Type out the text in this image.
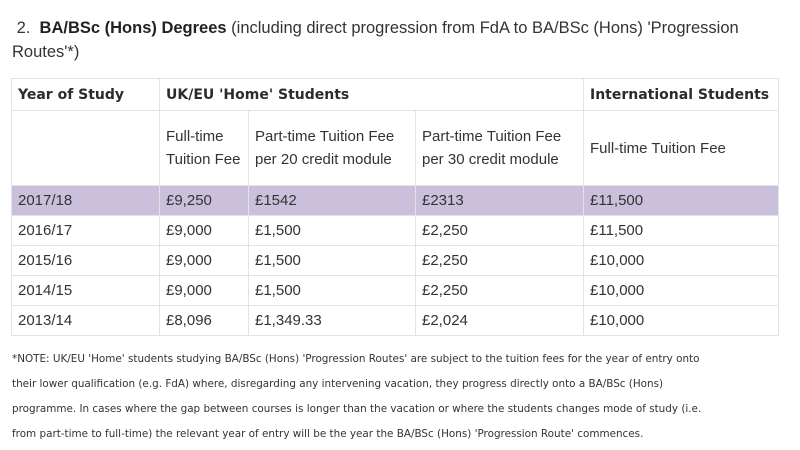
2. BA/BSc (Hons) Degrees (including direct progression from FdA to BA/BSc (Hons) 'Progression Routes'*)
Year of Study	UK/EU 'Home' Students			International Students
	Full-time Tuition Fee	Part-time Tuition Fee per 20 credit module	Part-time Tuition Fee per 30 credit module	Full-time Tuition Fee
2017/18	£9,250	£1542	£2313	£11,500
2016/17	£9,000	£1,500	£2,250	£11,500
2015/16	£9,000	£1,500	£2,250	£10,000
2014/15	£9,000	£1,500	£2,250	£10,000
2013/14	£8,096	£1,349.33	£2,024	£10,000
*NOTE: UK/EU 'Home' students studying BA/BSc (Hons) 'Progression Routes' are subject to the tuition fees for the year of entry onto
their lower qualification (e.g. FdA) where, disregarding any intervening vacation, they progress directly onto a BA/BSc (Hons)
programme. In cases where the gap between courses is longer than the vacation or where the students changes mode of study (i.e.
from part-time to full-time) the relevant year of entry will be the year the BA/BSc (Hons) 'Progression Route' commences.
